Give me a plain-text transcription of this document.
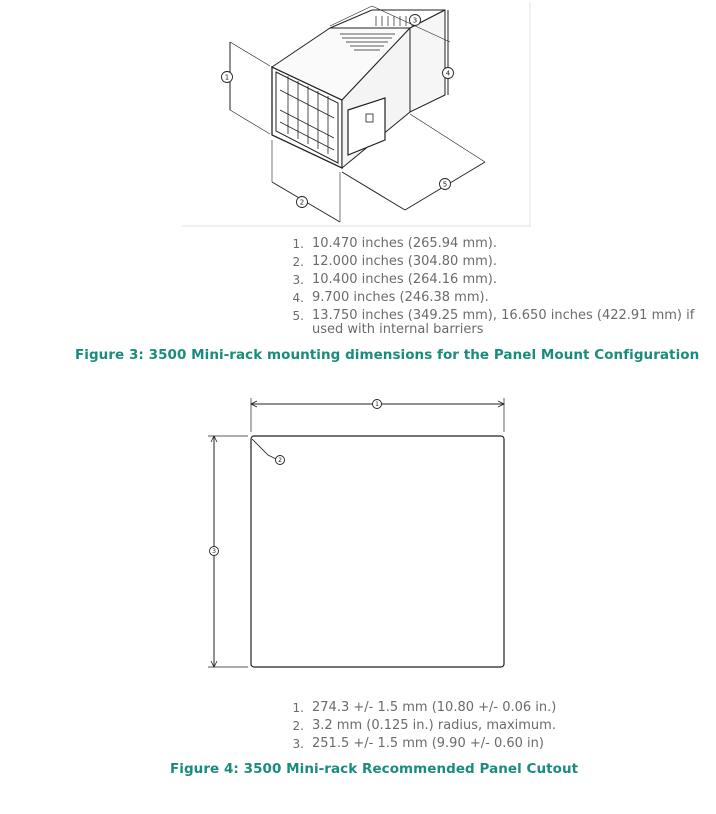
1
2
3
4
5
1. 10.470 inches (265.94 mm).
2. 12.000 inches (304.80 mm).
3. 10.400 inches (264.16 mm).
4. 9.700 inches (246.38 mm).
5. 13.750 inches (349.25 mm), 16.650 inches (422.91 mm) if
used with internal barriers
Figure 3: 3500 Mini-rack mounting dimensions for the Panel Mount Configuration
1
2
3
1. 274.3 +/- 1.5 mm (10.80 +/- 0.06 in.)
2. 3.2 mm (0.125 in.) radius, maximum.
3. 251.5 +/- 1.5 mm (9.90 +/- 0.60 in)
Figure 4: 3500 Mini-rack Recommended Panel Cutout
